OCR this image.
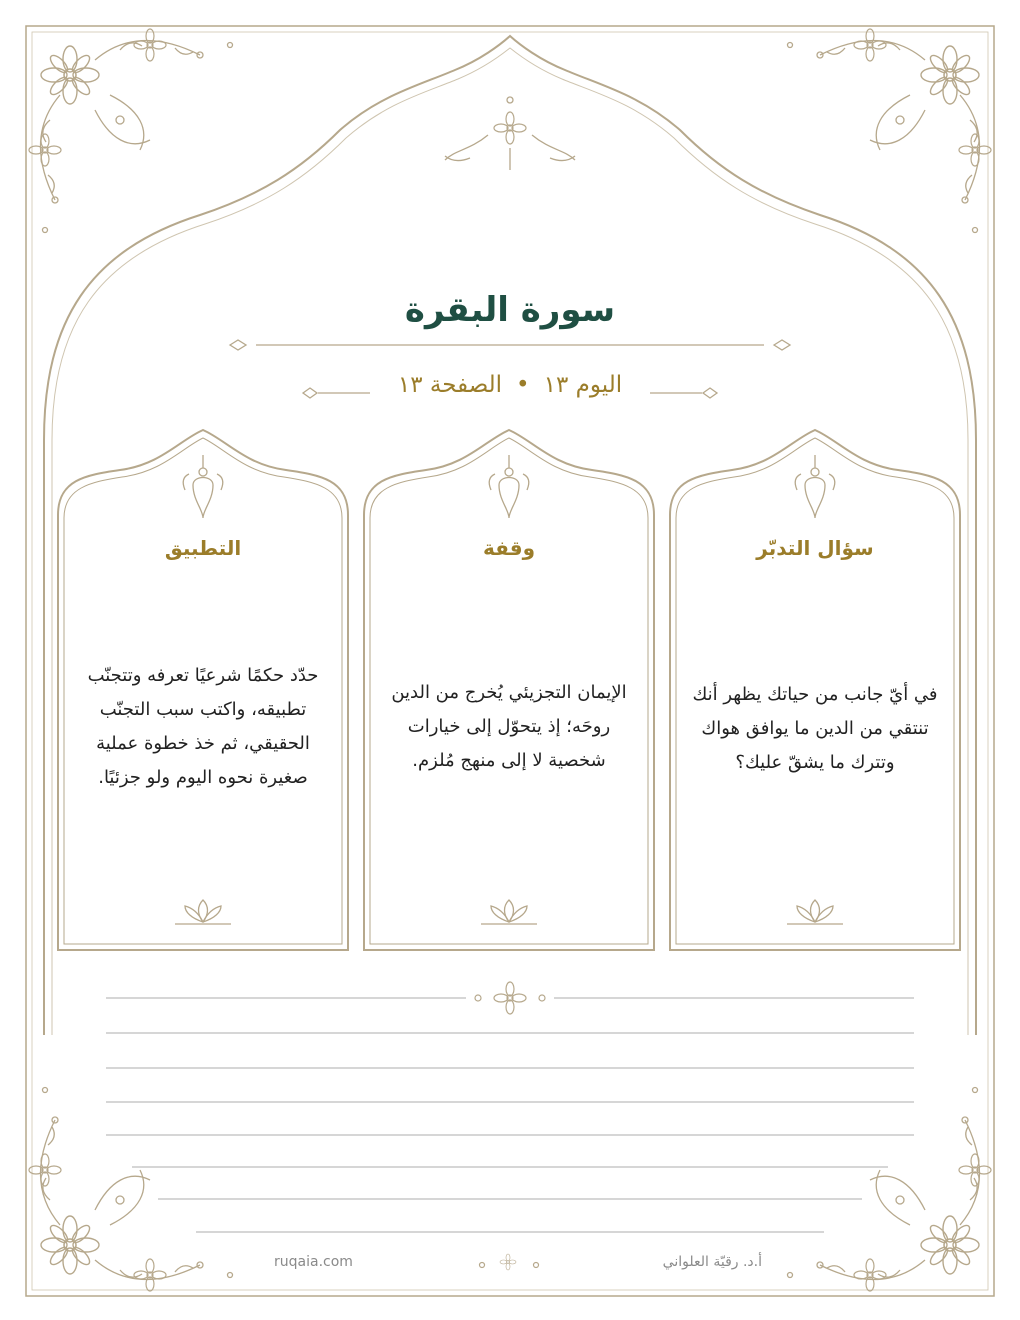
سورة البقرة
اليوم ١٣•الصفحة ١٣
سؤال التدبّر
وقفة
التطبيق
في أيّ جانب من حياتك يظهر أنك تنتقي من الدين ما يوافق هواك وتترك ما يشقّ عليك؟
الإيمان التجزيئي يُخرج من الدين روحَه؛ إذ يتحوّل إلى خيارات شخصية لا إلى منهج مُلزم.
حدّد حكمًا شرعيًا تعرفه وتتجنّب تطبيقه، واكتب سبب التجنّب الحقيقي، ثم خذ خطوة عملية صغيرة نحوه اليوم ولو جزئيًا.
ruqaia.com	أ.د. رقيّة العلواني
